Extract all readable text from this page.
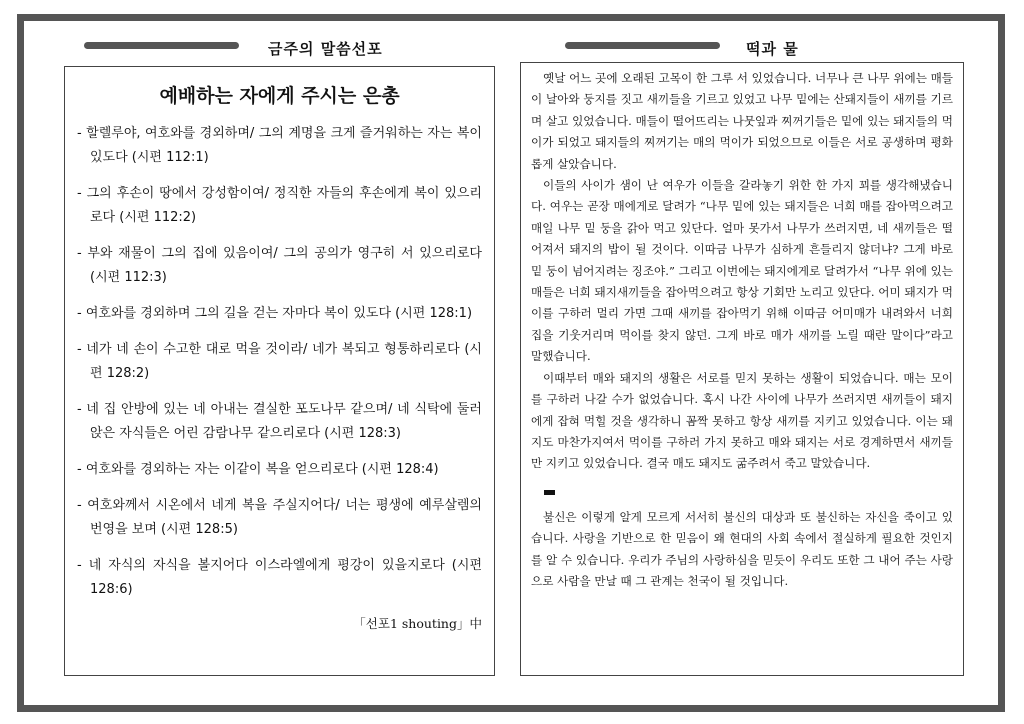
금주의 말씀선포	떡과 물
예배하는 자에게 주시는 은총

- 할렐루야, 여호와를 경외하며/ 그의 계명을 크게 즐거워하는 자는 복이 있도다 (시편 112:1)

- 그의 후손이 땅에서 강성함이여/ 정직한 자들의 후손에게 복이 있으리로다 (시편 112:2)

- 부와 재물이 그의 집에 있음이여/ 그의 공의가 영구히 서 있으리로다 (시편 112:3)

- 여호와를 경외하며 그의 길을 걷는 자마다 복이 있도다 (시편 128:1)

- 네가 네 손이 수고한 대로 먹을 것이라/ 네가 복되고 형통하리로다 (시편 128:2)

- 네 집 안방에 있는 네 아내는 결실한 포도나무 같으며/ 네 식탁에 둘러앉은 자식들은 어린 감람나무 같으리로다 (시편 128:3)

- 여호와를 경외하는 자는 이같이 복을 얻으리로다 (시편 128:4)

- 여호와께서 시온에서 네게 복을 주실지어다/ 너는 평생에 예루살렘의 번영을 보며 (시편 128:5)

- 네 자식의 자식을 볼지어다 이스라엘에게 평강이 있을지로다 (시편 128:6)

「선포1 shouting」中

옛날 어느 곳에 오래된 고목이 한 그루 서 있었습니다. 너무나 큰 나무 위에는 매들이 날아와 둥지를 짓고 새끼들을 기르고 있었고 나무 밑에는 산돼지들이 새끼를 기르며 살고 있었습니다. 매들이 떨어뜨리는 나뭇잎과 찌꺼기들은 밑에 있는 돼지들의 먹이가 되었고 돼지들의 찌꺼기는 매의 먹이가 되었으므로 이들은 서로 공생하며 평화롭게 살았습니다.

이들의 사이가 샘이 난 여우가 이들을 갈라놓기 위한 한 가지 꾀를 생각해냈습니다. 여우는 곧장 매에게로 달려가 “나무 밑에 있는 돼지들은 너희 매를 잡아먹으려고 매일 나무 밑 둥을 갉아 먹고 있단다. 얼마 못가서 나무가 쓰러지면, 네 새끼들은 떨어져서 돼지의 밥이 될 것이다. 이따금 나무가 심하게 흔들리지 않더냐? 그게 바로 밑 둥이 넘어지려는 징조야.” 그리고 이번에는 돼지에게로 달려가서 “나무 위에 있는 매들은 너희 돼지새끼들을 잡아먹으려고 항상 기회만 노리고 있단다. 어미 돼지가 먹이를 구하러 멀리 가면 그때 새끼를 잡아먹기 위해 이따금 어미매가 내려와서 너희 집을 기웃거리며 먹이를 찾지 않던. 그게 바로 매가 새끼를 노릴 때란 말이다”라고 말했습니다.

이때부터 매와 돼지의 생활은 서로를 믿지 못하는 생활이 되었습니다. 매는 모이를 구하러 나갈 수가 없었습니다. 혹시 나간 사이에 나무가 쓰러지면 새끼들이 돼지에게 잡혀 먹힐 것을 생각하니 꼼짝 못하고 항상 새끼를 지키고 있었습니다. 이는 돼지도 마찬가지여서 먹이를 구하러 가지 못하고 매와 돼지는 서로 경계하면서 새끼들만 지키고 있었습니다. 결국 매도 돼지도 굶주려서 죽고 말았습니다.

불신은 이렇게 알게 모르게 서서히 불신의 대상과 또 불신하는 자신을 죽이고 있습니다. 사랑을 기반으로 한 믿음이 왜 현대의 사회 속에서 절실하게 필요한 것인지를 알 수 있습니다. 우리가 주님의 사랑하심을 믿듯이 우리도 또한 그 내어 주는 사랑으로 사람을 만날 때 그 관계는 천국이 될 것입니다.
